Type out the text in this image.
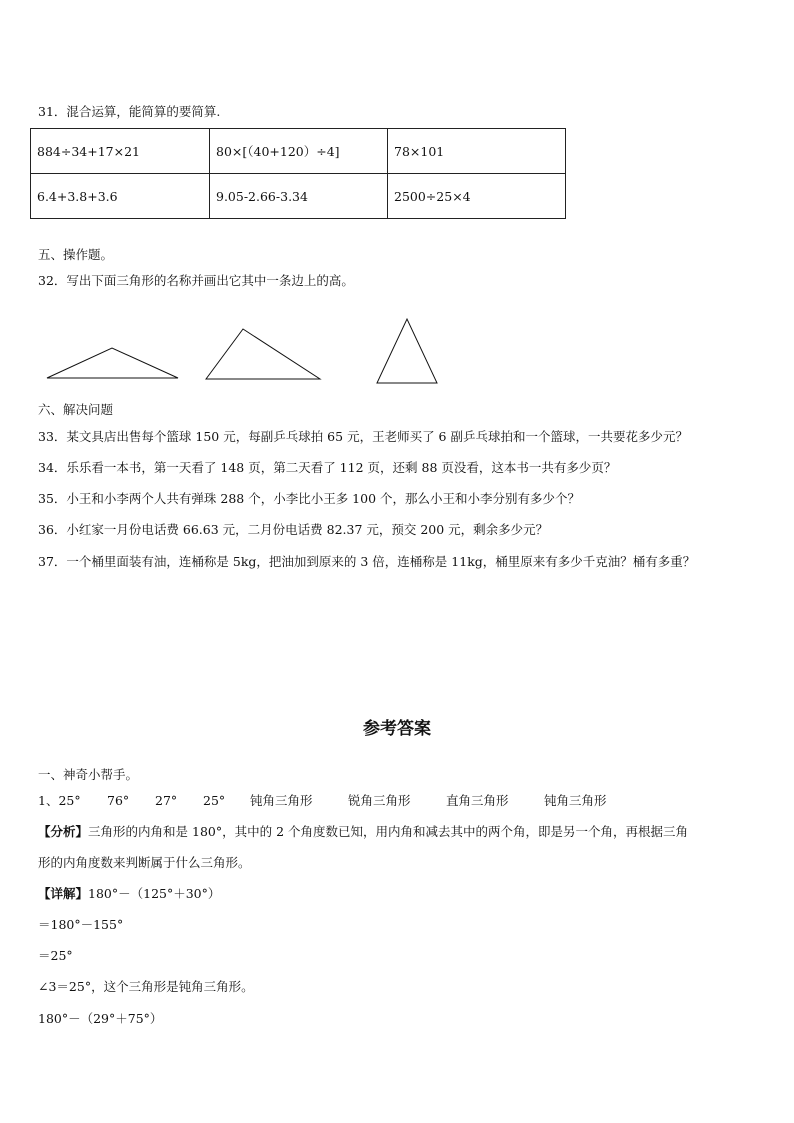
31．混合运算，能简算的要简算.
884÷34+17×21	80×[（40+120）÷4]	78×101
6.4+3.8+3.6	9.05-2.66-3.34	2500÷25×4
五、操作题。
32．写出下面三角形的名称并画出它其中一条边上的高。
六、解决问题
33．某文具店出售每个篮球 150 元，每副乒乓球拍 65 元，王老师买了 6 副乒乓球拍和一个篮球，一共要花多少元？
34．乐乐看一本书，第一天看了 148 页，第二天看了 112 页，还剩 88 页没看，这本书一共有多少页？
35．小王和小李两个人共有弹珠 288 个，小李比小王多 100 个，那么小王和小李分别有多少个？
36．小红家一月份电话费 66.63 元，二月份电话费 82.37 元，预交 200 元，剩余多少元？
37．一个桶里面装有油，连桶称是 5kg，把油加到原来的 3 倍，连桶称是 11kg，桶里原来有多少千克油？桶有多重？
参考答案
一、神奇小帮手。
1、25° 76° 27° 25° 钝角三角形	锐角三角形	直角三角形	钝角三角形
【分析】三角形的内角和是 180°，其中的 2 个角度数已知，用内角和减去其中的两个角，即是另一个角，再根据三角
形的内角度数来判断属于什么三角形。
【详解】180°－（125°＋30°）
＝180°－155°
＝25°
∠3＝25°，这个三角形是钝角三角形。
180°－（29°＋75°）
